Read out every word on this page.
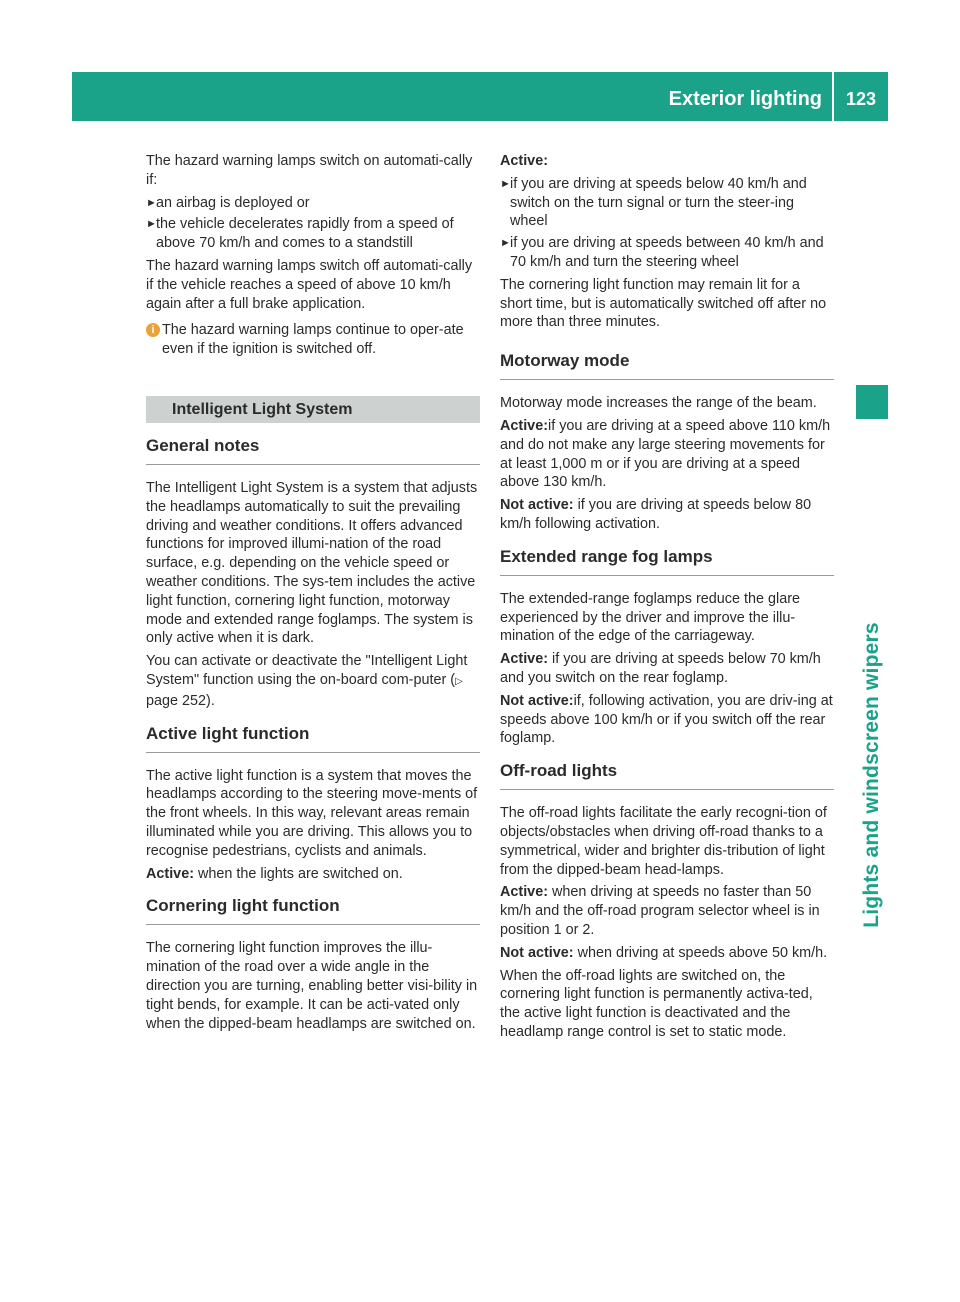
Exterior lighting	123
Lights and windscreen wipers

The hazard warning lamps switch on automati-cally if:

► an airbag is deployed or
► the vehicle decelerates rapidly from a speed of above 70 km/h and comes to a standstill

The hazard warning lamps switch off automati-cally if the vehicle reaches a speed of above 10 km/h again after a full brake application.

i The hazard warning lamps continue to oper-ate even if the ignition is switched off.
Intelligent Light System
General notes

The Intelligent Light System is a system that adjusts the headlamps automatically to suit the prevailing driving and weather conditions. It offers advanced functions for improved illumi-nation of the road surface, e.g. depending on the vehicle speed or weather conditions. The sys-tem includes the active light function, cornering light function, motorway mode and extended range foglamps. The system is only active when it is dark.

You can activate or deactivate the "Intelligent Light System" function using the on-board com-puter (▷ page 252).

Active light function

The active light function is a system that moves the headlamps according to the steering move-ments of the front wheels. In this way, relevant areas remain illuminated while you are driving. This allows you to recognise pedestrians, cyclists and animals.

Active: when the lights are switched on.

Cornering light function

The cornering light function improves the illu-mination of the road over a wide angle in the direction you are turning, enabling better visi-bility in tight bends, for example. It can be acti-vated only when the dipped-beam headlamps are switched on.

Active:

► if you are driving at speeds below 40 km/h and switch on the turn signal or turn the steer-ing wheel
► if you are driving at speeds between 40 km/h and 70 km/h and turn the steering wheel

The cornering light function may remain lit for a short time, but is automatically switched off after no more than three minutes.

Motorway mode

Motorway mode increases the range of the beam.

Active:if you are driving at a speed above 110 km/h and do not make any large steering movements for at least 1,000 m or if you are driving at a speed above 130 km/h.

Not active: if you are driving at speeds below 80 km/h following activation.

Extended range fog lamps

The extended-range foglamps reduce the glare experienced by the driver and improve the illu-mination of the edge of the carriageway.

Active: if you are driving at speeds below 70 km/h and you switch on the rear foglamp.

Not active:if, following activation, you are driv-ing at speeds above 100 km/h or if you switch off the rear foglamp.

Off-road lights

The off-road lights facilitate the early recogni-tion of objects/obstacles when driving off-road thanks to a symmetrical, wider and brighter dis-tribution of light from the dipped-beam head-lamps.

Active: when driving at speeds no faster than 50 km/h and the off-road program selector wheel is in position 1 or 2.

Not active: when driving at speeds above 50 km/h.

When the off-road lights are switched on, the cornering light function is permanently activa-ted, the active light function is deactivated and the headlamp range control is set to static mode.
